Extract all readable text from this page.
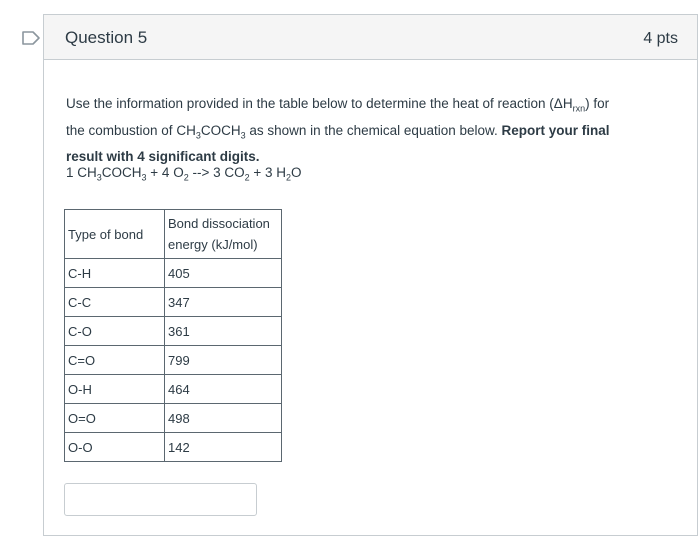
Question 5	4 pts
Use the information provided in the table below to determine the heat of reaction $(\Delta H_{rxn})$ for the combustion of $CH_3COCH_3$ as shown in the chemical equation below. Report your final result with 4 significant digits.
1 $CH_3COCH_3 + 4$ $O_2$ --> 3 $CO_2 + 3$ $H_2O$
Type of bond	Bond dissociation energy (kJ/mol)
C-H	405
C-C	347
C-O	361
C=O	799
O-H	464
O=O	498
O-O	142
